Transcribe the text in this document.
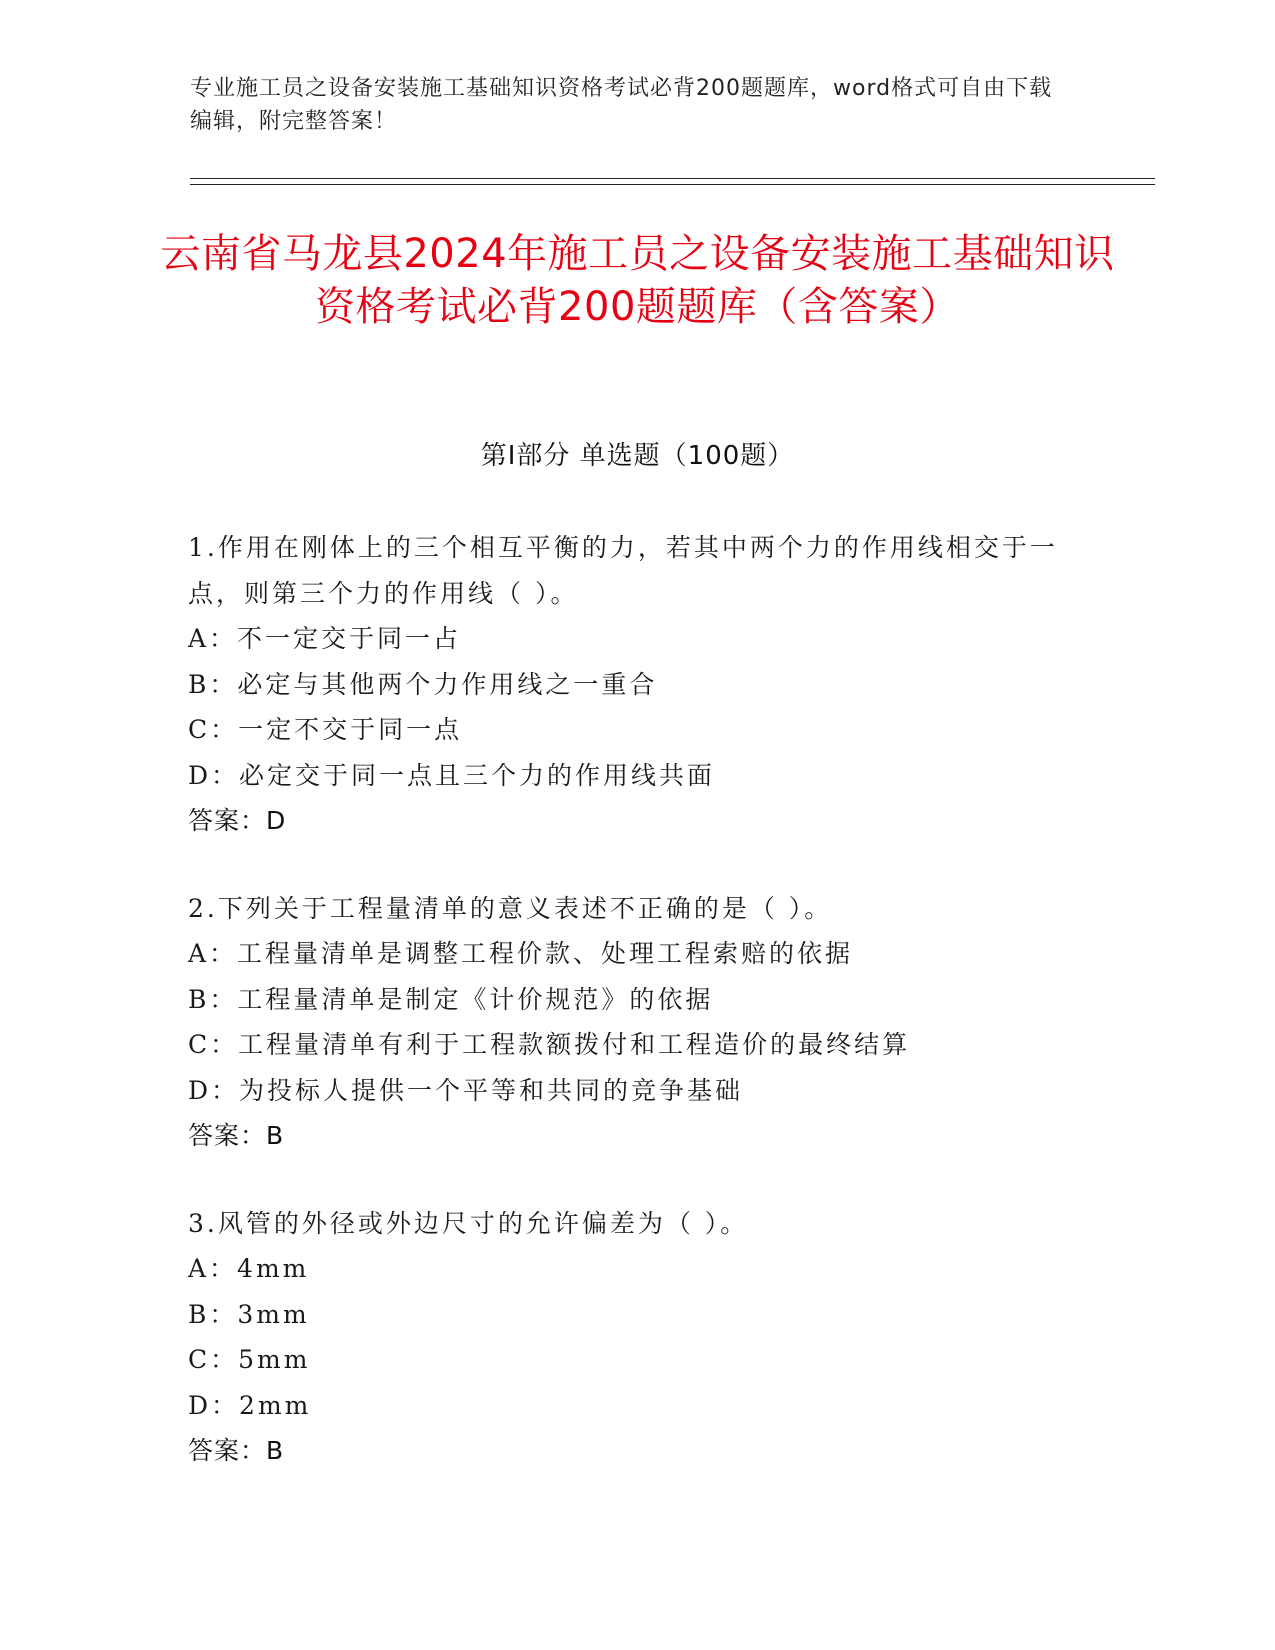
专业施工员之设备安装施工基础知识资格考试必背200题题库，word格式可自由下载编辑，附完整答案！
云南省马龙县2024年施工员之设备安装施工基础知识资格考试必背200题题库（含答案）
第Ⅰ部分 单选题（100题）
1.作用在刚体上的三个相互平衡的力，若其中两个力的作用线相交于一点，则第三个力的作用线（ ）。
A：不一定交于同一占
B：必定与其他两个力作用线之一重合
C：一定不交于同一点
D：必定交于同一点且三个力的作用线共面
答案：D
2.下列关于工程量清单的意义表述不正确的是（ ）。
A：工程量清单是调整工程价款、处理工程索赔的依据
B：工程量清单是制定《计价规范》的依据
C：工程量清单有利于工程款额拨付和工程造价的最终结算
D：为投标人提供一个平等和共同的竞争基础
答案：B
3.风管的外径或外边尺寸的允许偏差为（ ）。
A：4mm
B：3mm
C：5mm
D：2mm
答案：B
